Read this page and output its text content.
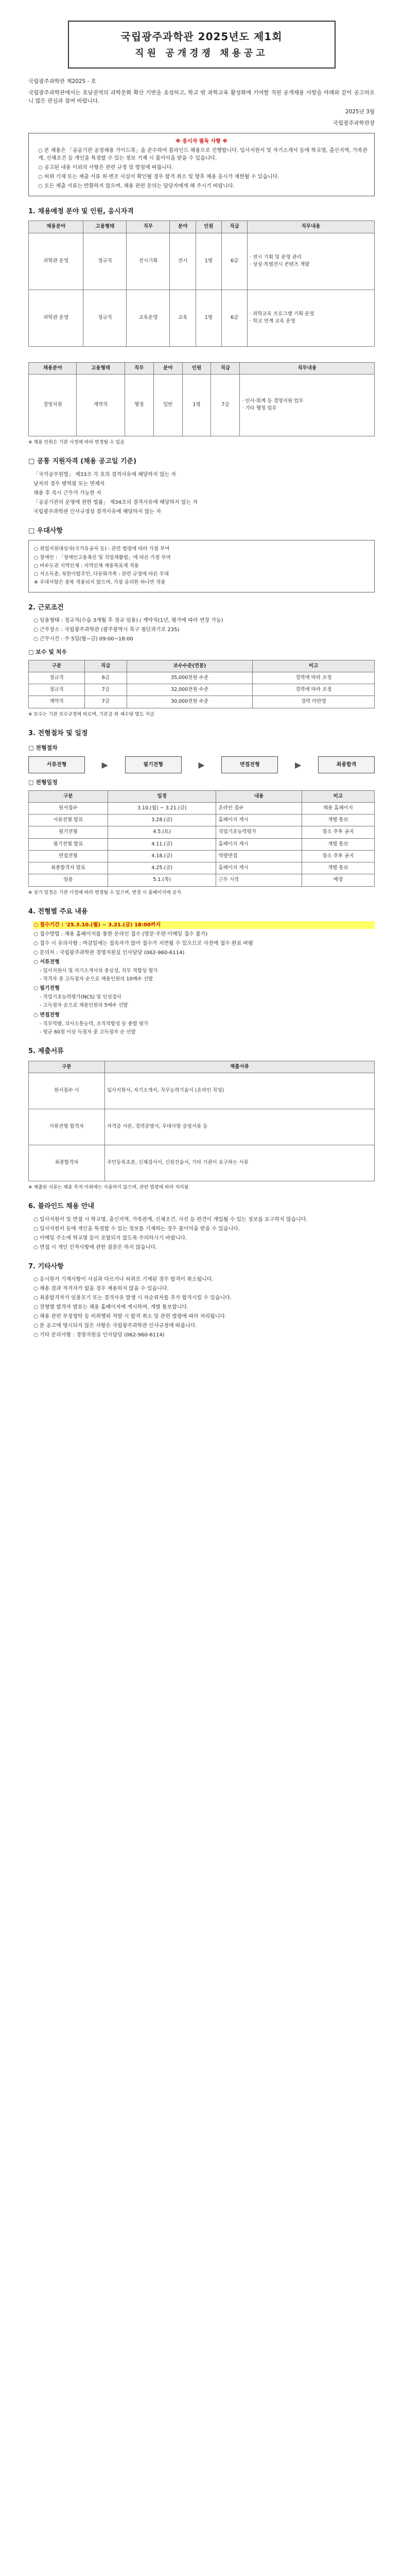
국립광주과학관 2025년도 제1회
직원 공개경쟁 채용공고
국립광주과학관 제2025 - 호
국립광주과학관에서는 호남권역의 과학문화 확산 기반을 조성하고, 학교 밖 과학교육 활성화에 기여할 직원 공개채용 사항을 아래와 같이 공고하오니 많은 관심과 참여 바랍니다.
2025년 3월
국립광주과학관장
※ 응시자 필독 사항 ※
○ 본 채용은 「공공기관 공정채용 가이드북」을 준수하여 블라인드 채용으로 진행합니다. 입사지원서 및 자기소개서 등에 학교명, 출신지역, 가족관계, 신체조건 등 개인을 특정할 수 있는 정보 기재 시 불이익을 받을 수 있습니다.
○ 공고된 내용 이외의 사항은 관련 규정 및 방침에 따릅니다.
○ 허위 기재 또는 제출 서류 위·변조 사실이 확인될 경우 합격 취소 및 향후 채용 응시가 제한될 수 있습니다.
○ 모든 제출 서류는 반환하지 않으며, 채용 관련 문의는 담당자에게 해 주시기 바랍니다.
1. 채용예정 분야 및 인원, 응시자격
채용분야	고용형태	직무	분야	인원	직급	직무내용
과학관 운영	정규직	전시기획	전시	1명	6급	· 전시 기획 및 운영 관리
· 상설·특별전시 콘텐츠 개발
과학관 운영	정규직	교육운영	교육	1명	6급	· 과학교육 프로그램 기획·운영
· 학교 연계 교육 운영
채용분야	고용형태	직무	분야	인원	직급	직무내용
경영지원	계약직	행정	일반	1명	7급	· 인사·회계 등 경영지원 업무
· 기타 행정 업무
※ 채용 인원은 기관 사정에 따라 변경될 수 있음
□ 공통 지원자격 (채용 공고일 기준)
「국가공무원법」 제33조 각 호의 결격사유에 해당하지 않는 자
남자의 경우 병역필 또는 면제자
채용 후 즉시 근무가 가능한 자
「공공기관의 운영에 관한 법률」 제34조의 결격사유에 해당하지 않는 자
국립광주과학관 인사규정상 결격사유에 해당하지 않는 자
□ 우대사항
○ 취업지원대상자(국가유공자 등) : 관련 법령에 따라 가점 부여
○ 장애인 : 「장애인고용촉진 및 직업재활법」에 따른 가점 부여
○ 비수도권 지역인재 : 지역인재 채용목표제 적용
○ 저소득층, 북한이탈주민, 다문화가족 : 관련 규정에 따른 우대
※ 우대사항은 중복 적용되지 않으며, 가장 유리한 하나만 적용
2. 근로조건
○ 임용형태 : 정규직(수습 3개월 후 정규 임용) / 계약직(1년, 평가에 따라 연장 가능)
○ 근무장소 : 국립광주과학관 (광주광역시 북구 첨단과기로 235)
○ 근무시간 : 주 5일(월~금) 09:00~18:00
□ 보수 및 처우
구분	직급	보수수준(연봉)	비고
정규직	6급	35,000천원 수준	경력에 따라 조정
정규직	7급	32,000천원 수준	경력에 따라 조정
계약직	7급	30,000천원 수준	경력 미반영
※ 보수는 기관 보수규정에 따르며, 기본급 외 제수당 별도 지급
3. 전형절차 및 일정
□ 전형절차
서류전형	▶	필기전형	▶	면접전형	▶	최종합격
□ 전형일정
구분	일정	내용	비고
원서접수	3.10.(월) ~ 3.21.(금)	온라인 접수	채용 홈페이지
서류전형 발표	3.28.(금)	홈페이지 게시	개별 통보
필기전형	4.5.(토)	직업기초능력평가	장소 추후 공지
필기전형 발표	4.11.(금)	홈페이지 게시	개별 통보
면접전형	4.18.(금)	역량면접	장소 추후 공지
최종합격자 발표	4.25.(금)	홈페이지 게시	개별 통보
임용	5.1.(목)	근무 시작	예정
※ 상기 일정은 기관 사정에 따라 변경될 수 있으며, 변경 시 홈페이지에 공지
4. 전형별 주요 내용
○ 접수기간 : '25.3.10.(월) ~ 3.21.(금) 18:00까지
○ 접수방법 : 채용 홈페이지를 통한 온라인 접수 (방문·우편·이메일 접수 불가)
○ 접수 시 유의사항 : 마감일에는 접속자가 많아 접수가 지연될 수 있으므로 사전에 접수 완료 바람
○ 문의처 : 국립광주과학관 경영지원실 인사담당 (062-960-6114)
○ 서류전형
- 입사지원서 및 자기소개서의 충실성, 직무 적합성 평가
- 적격자 중 고득점자 순으로 채용인원의 10배수 선발
○ 필기전형
- 직업기초능력평가(NCS) 및 인성검사
- 고득점자 순으로 채용인원의 5배수 선발
○ 면접전형
- 직무역량, 의사소통능력, 조직적합성 등 종합 평가
- 평균 60점 이상 득점자 중 고득점자 순 선발
5. 제출서류
구분	제출서류
원서접수 시	입사지원서, 자기소개서, 직무능력기술서 (온라인 작성)
서류전형 합격자	자격증 사본, 경력증명서, 우대사항 증빙서류 등
최종합격자	주민등록초본, 신체검사서, 신원진술서, 기타 기관이 요구하는 서류
※ 제출된 서류는 채용 목적 이외에는 사용하지 않으며, 관련 법령에 따라 처리됨
6. 블라인드 채용 안내
○ 입사지원서 및 면접 시 학교명, 출신지역, 가족관계, 신체조건, 사진 등 편견이 개입될 수 있는 정보를 요구하지 않습니다.
○ 입사지원서 등에 개인을 특정할 수 있는 정보를 기재하는 경우 불이익을 받을 수 있습니다.
○ 이메일 주소에 학교명 등이 포함되지 않도록 주의하시기 바랍니다.
○ 면접 시 개인 인적사항에 관한 질문은 하지 않습니다.
7. 기타사항
○ 응시원서 기재사항이 사실과 다르거나 허위로 기재된 경우 합격이 취소됩니다.
○ 채용 결과 적격자가 없을 경우 채용하지 않을 수 있습니다.
○ 최종합격자가 임용포기 또는 결격사유 발생 시 차순위자를 추가 합격시킬 수 있습니다.
○ 전형별 합격자 발표는 채용 홈페이지에 게시하며, 개별 통보합니다.
○ 채용 관련 부정청탁 등 비위행위 적발 시 합격 취소 및 관련 법령에 따라 처리됩니다.
○ 본 공고에 명시되지 않은 사항은 국립광주과학관 인사규정에 따릅니다.
○ 기타 문의사항 : 경영지원실 인사담당 (062-960-6114)
